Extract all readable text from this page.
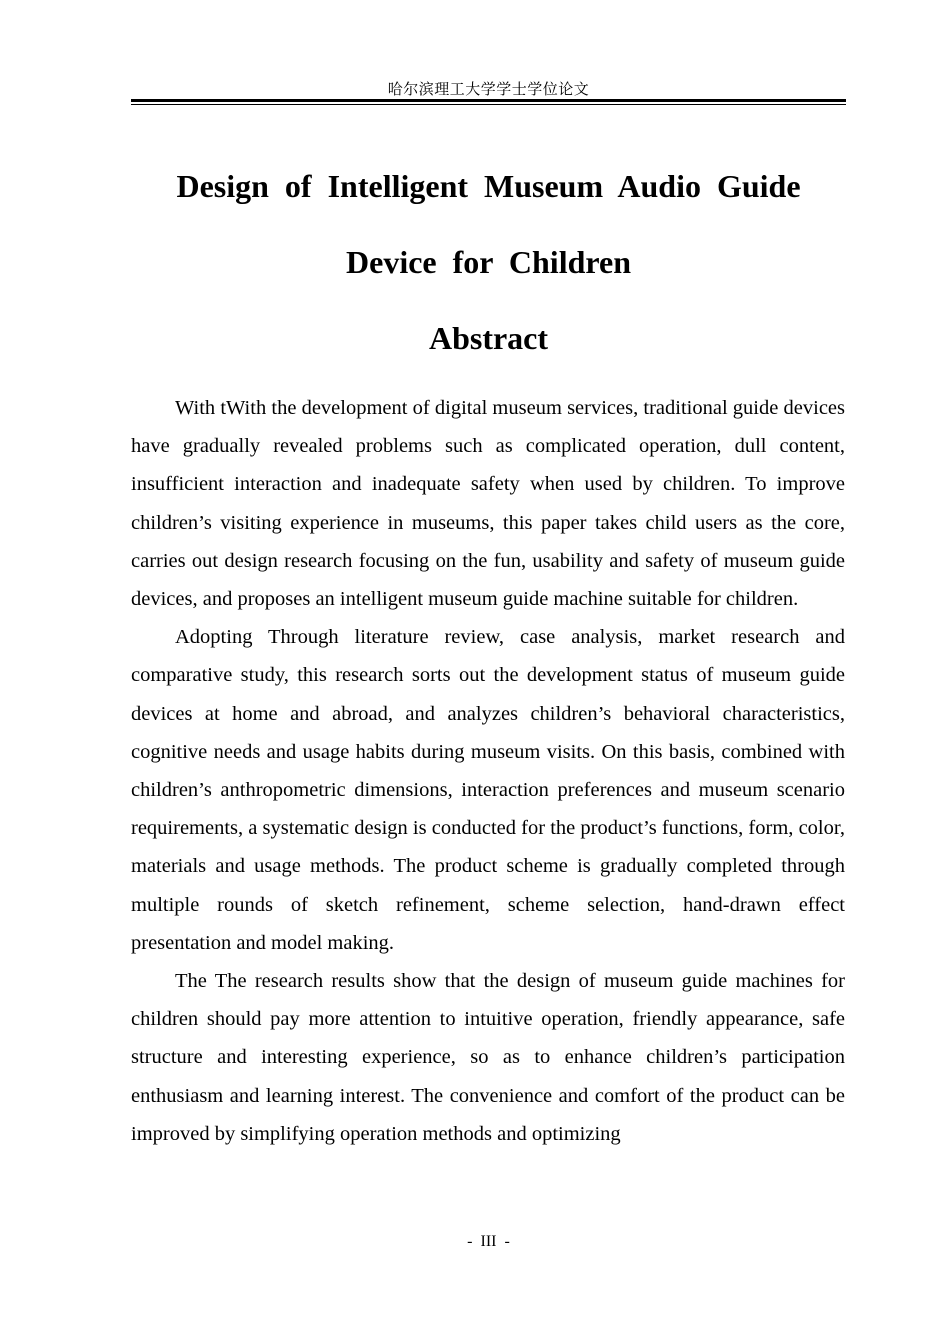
哈尔滨理工大学学士学位论文
Design of Intelligent Museum Audio Guide Device for Children
Abstract

With tWith the development of digital museum services, traditional guide devices have gradually revealed problems such as complicated operation, dull content, insufficient interaction and inadequate safety when used by children. To improve children’s visiting experience in museums, this paper takes child users as the core, carries out design research focusing on the fun, usability and safety of museum guide devices, and proposes an intelligent museum guide machine suitable for children.

Adopting Through literature review, case analysis, market research and comparative study, this research sorts out the development status of museum guide devices at home and abroad, and analyzes children’s behavioral characteristics, cognitive needs and usage habits during museum visits. On this basis, combined with children’s anthropometric dimensions, interaction preferences and museum scenario requirements, a systematic design is conducted for the product’s functions, form, color, materials and usage methods. The product scheme is gradually completed through multiple rounds of sketch refinement, scheme selection, hand-drawn effect presentation and model making.

The The research results show that the design of museum guide machines for children should pay more attention to intuitive operation, friendly appearance, safe structure and interesting experience, so as to enhance children’s participation enthusiasm and learning interest. The convenience and comfort of the product can be improved by simplifying operation methods and optimizing

- III -
